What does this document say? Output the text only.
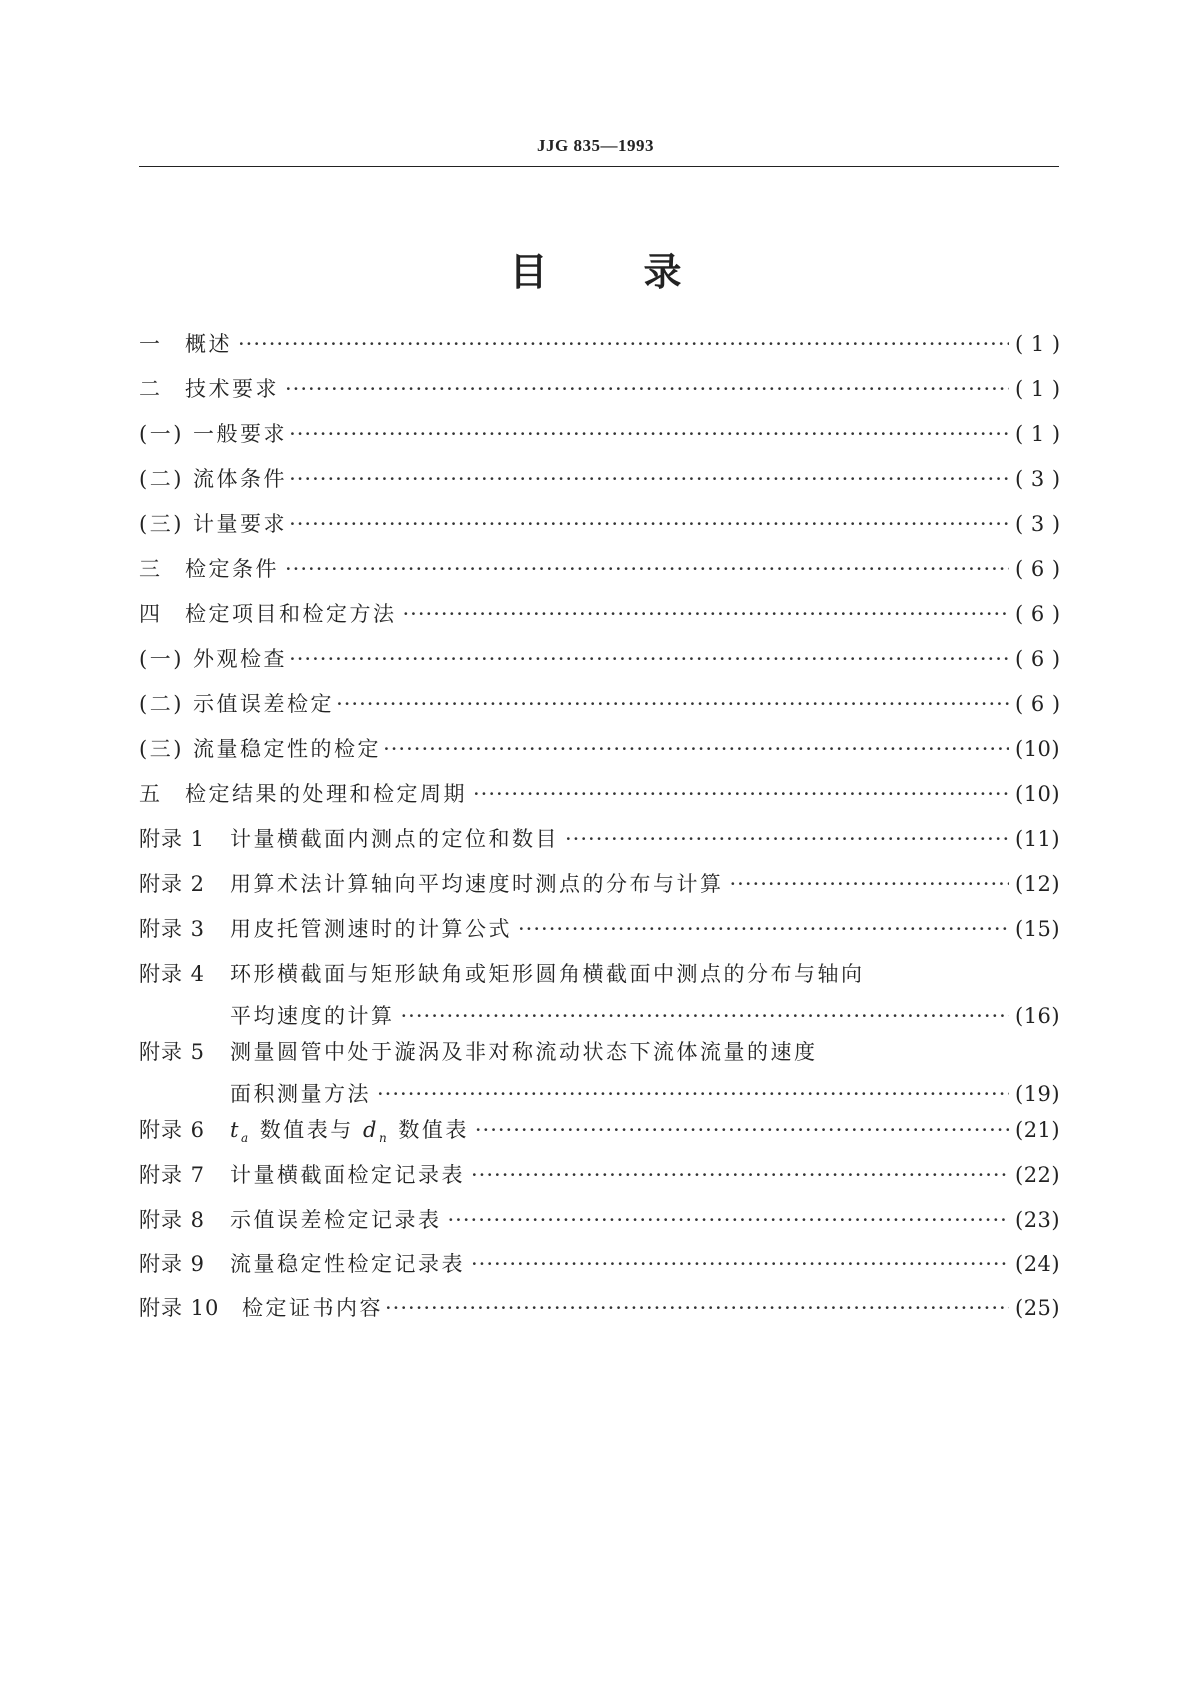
JJG 835—1993
目	录
一	概述 ·····	( 1 )
二	技术要求 ·····	( 1 )
(一) 一般要求 ·····	( 1 )
(二) 流体条件 ·····	( 3 )
(三) 计量要求 ·····	( 3 )
三	检定条件 ·····	( 6 )
四	检定项目和检定方法 ·····	( 6 )
(一) 外观检查 ·····	( 6 )
(二) 示值误差检定 ·····	( 6 )
(三) 流量稳定性的检定 ·····	(10)
五	检定结果的处理和检定周期 ·····	(10)
附录 1	计量横截面内测点的定位和数目 ·····	(11)
附录 2	用算术法计算轴向平均速度时测点的分布与计算 ·····	(12)
附录 3	用皮托管测速时的计算公式 ·····	(15)
附录 4	环形横截面与矩形缺角或矩形圆角横截面中测点的分布与轴向
平均速度的计算 ·····	(16)
附录 5	测量圆管中处于漩涡及非对称流动状态下流体流量的速度
面积测量方法 ·····	(19)
附录 6	$t_a$ 数值表与 $d_n$ 数值表 ·····	(21)
附录 7	计量横截面检定记录表 ·····	(22)
附录 8	示值误差检定记录表 ·····	(23)
附录 9	流量稳定性检定记录表 ·····	(24)
附录 10	检定证书内容 ·····	(25)
